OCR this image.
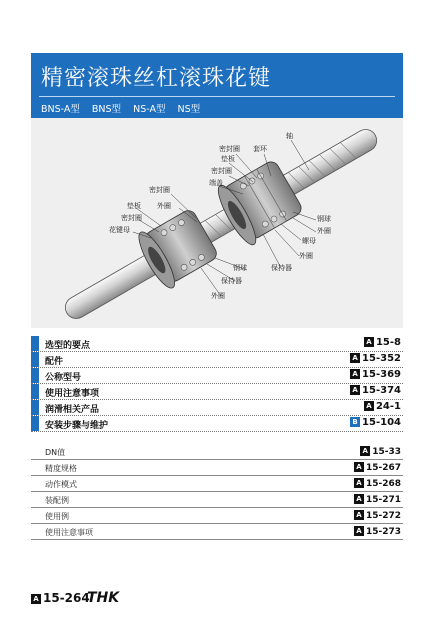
精密滚珠丝杠滚珠花键
BNS-A型 BNS型 NS-A型 NS型
轴
套环
密封圈
垫板
密封圈
端盖
密封圈
垫板 外圈
密封圈
花键母
钢球
外圈
螺母
外圈
保持器
钢球
保持器
外圈
选型的要点	A 15-8
配件	A 15-352
公称型号	A 15-369
使用注意事项	A 15-374
润滑相关产品	A 24-1
安装步骤与维护	B 15-104
DN值	A 15-33
精度规格	A 15-267
动作模式	A 15-268
装配例	A 15-271
使用例	A 15-272
使用注意事项	A 15-273
A 15-264
THK
